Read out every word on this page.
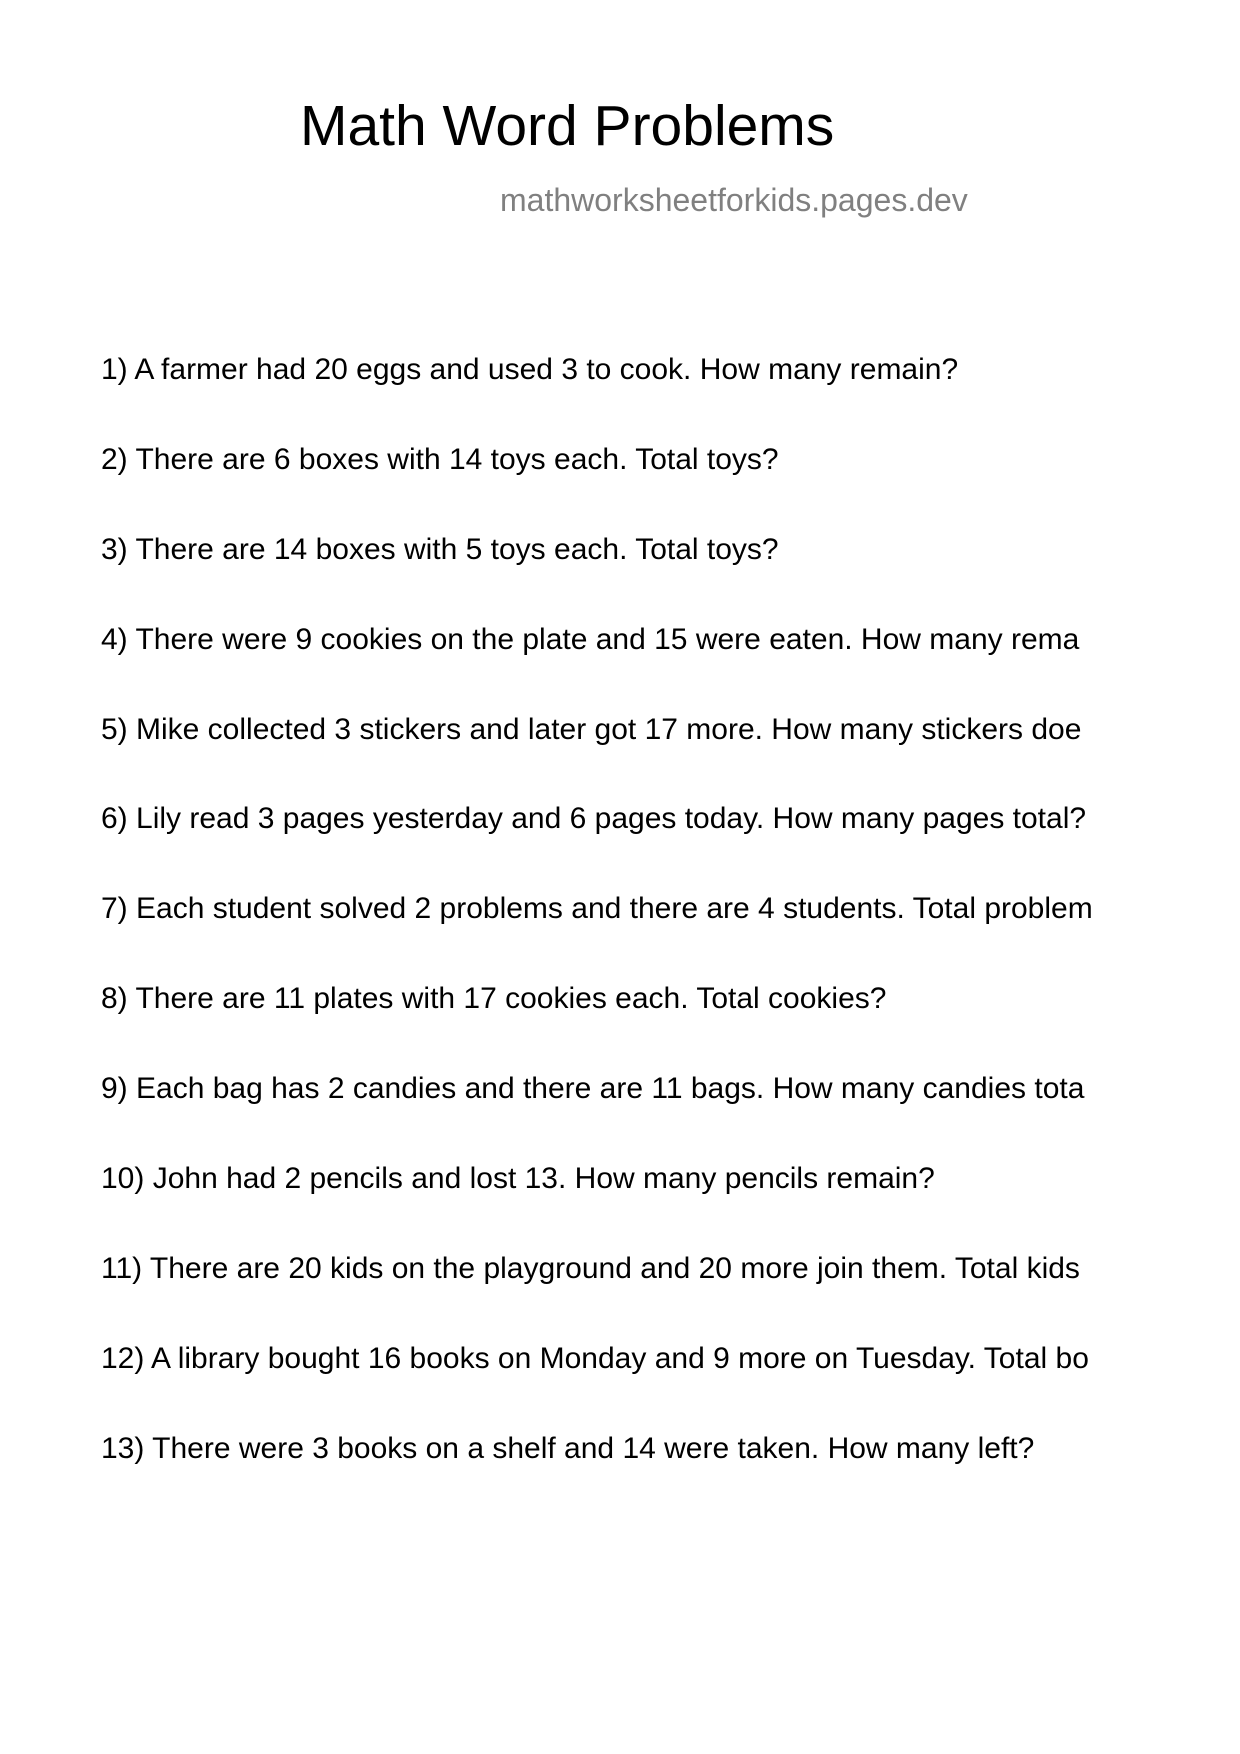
Math Word Problems
mathworksheetforkids.pages.dev
1) A farmer had 20 eggs and used 3 to cook. How many remain?
2) There are 6 boxes with 14 toys each. Total toys?
3) There are 14 boxes with 5 toys each. Total toys?
4) There were 9 cookies on the plate and 15 were eaten. How many rema
5) Mike collected 3 stickers and later got 17 more. How many stickers doe
6) Lily read 3 pages yesterday and 6 pages today. How many pages total?
7) Each student solved 2 problems and there are 4 students. Total problem
8) There are 11 plates with 17 cookies each. Total cookies?
9) Each bag has 2 candies and there are 11 bags. How many candies tota
10) John had 2 pencils and lost 13. How many pencils remain?
11) There are 20 kids on the playground and 20 more join them. Total kids
12) A library bought 16 books on Monday and 9 more on Tuesday. Total bo
13) There were 3 books on a shelf and 14 were taken. How many left?
